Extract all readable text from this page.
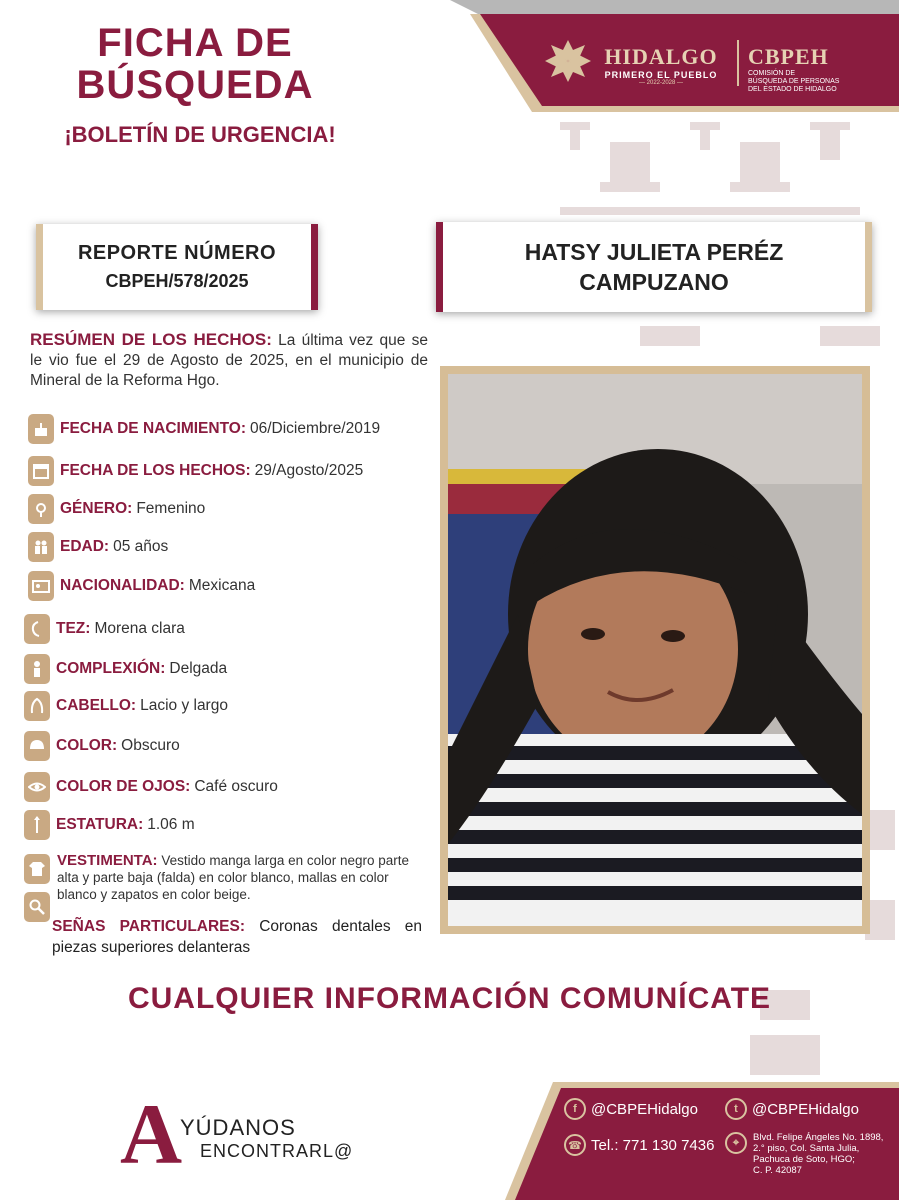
FICHA DE
BÚSQUEDA
¡BOLETÍN DE URGENCIA!
HIDALGO
PRIMERO EL PUEBLO
— 2022-2028 —
CBPEH
COMISIÓN DE
BÚSQUEDA DE PERSONAS
DEL ESTADO DE HIDALGO
REPORTE NÚMERO
CBPEH/578/2025
HATSY JULIETA PERÉZ CAMPUZANO
RESÚMEN DE LOS HECHOS: La última vez que se le vio fue el 29 de Agosto de 2025, en el municipio de Mineral de la Reforma Hgo.
FECHA DE NACIMIENTO: 06/Diciembre/2019
FECHA DE LOS HECHOS: 29/Agosto/2025
GÉNERO: Femenino
EDAD: 05 años
NACIONALIDAD: Mexicana
TEZ: Morena clara
COMPLEXIÓN: Delgada
CABELLO: Lacio y largo
COLOR: Obscuro
COLOR DE OJOS: Café oscuro
ESTATURA: 1.06 m
VESTIMENTA: Vestido manga larga en color negro parte alta y parte baja (falda) en color blanco, mallas en color blanco y zapatos en color beige.
SEÑAS PARTICULARES: Coronas dentales en piezas superiores delanteras
CUALQUIER INFORMACIÓN COMUNÍCATE
A
YÚDANOS
ENCONTRARL@
f @CBPEHidalgo	t @CBPEHidalgo
☎ Tel.: 771 130 7436	⌖	Blvd. Felipe Ángeles No. 1898,
2.° piso, Col. Santa Julia,
Pachuca de Soto, HGO;
C. P. 42087
